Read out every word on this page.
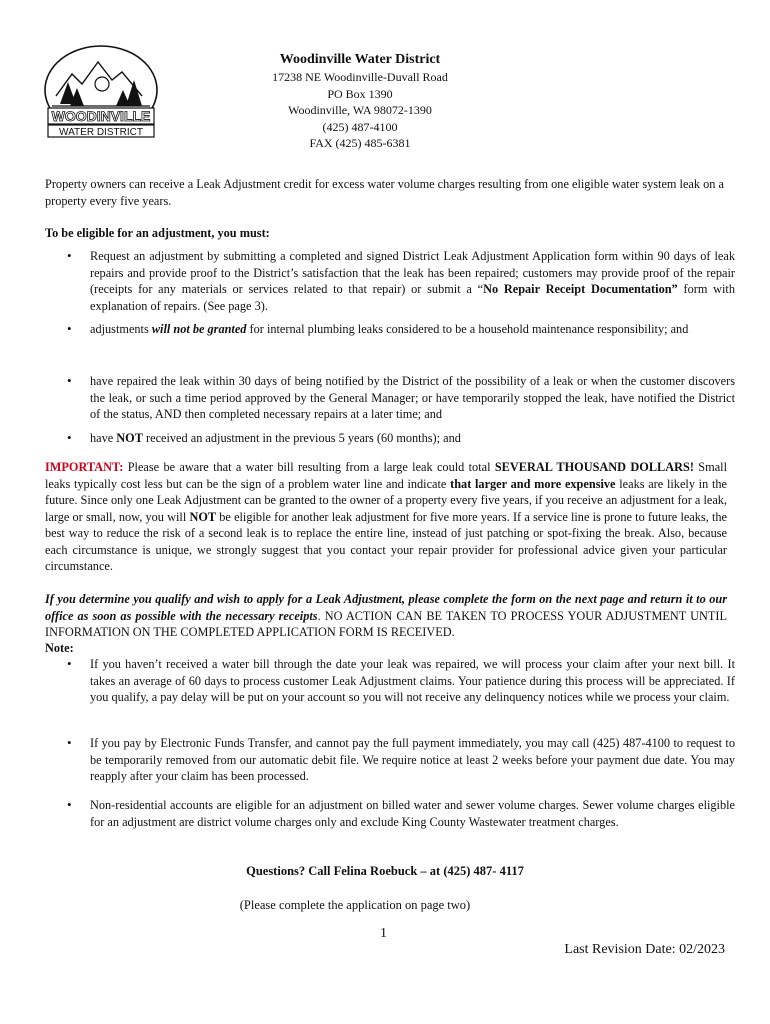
WOODINVILLE
WATER DISTRICT
Woodinville Water District
17238 NE Woodinville-Duvall Road
PO Box 1390
Woodinville, WA 98072-1390
(425) 487-4100
FAX (425) 485-6381
Property owners can receive a Leak Adjustment credit for excess water volume charges resulting from one eligible water system leak on a property every five years.
To be eligible for an adjustment, you must:
• Request an adjustment by submitting a completed and signed District Leak Adjustment Application form within 90 days of leak repairs and provide proof to the District’s satisfaction that the leak has been repaired; customers may provide proof of the repair (receipts for any materials or services related to that repair) or submit a “No Repair Receipt Documentation” form with explanation of repairs. (See page 3).
• adjustments will not be granted for internal plumbing leaks considered to be a household maintenance responsibility; and
• have repaired the leak within 30 days of being notified by the District of the possibility of a leak or when the customer discovers the leak, or such a time period approved by the General Manager; or have temporarily stopped the leak, have notified the District of the status, AND then completed necessary repairs at a later time; and
• have NOT received an adjustment in the previous 5 years (60 months); and
IMPORTANT: Please be aware that a water bill resulting from a large leak could total SEVERAL THOUSAND DOLLARS! Small leaks typically cost less but can be the sign of a problem water line and indicate that larger and more expensive leaks are likely in the future. Since only one Leak Adjustment can be granted to the owner of a property every five years, if you receive an adjustment for a leak, large or small, now, you will NOT be eligible for another leak adjustment for five more years. If a service line is prone to future leaks, the best way to reduce the risk of a second leak is to replace the entire line, instead of just patching or spot-fixing the break. Also, because each circumstance is unique, we strongly suggest that you contact your repair provider for professional advice given your particular circumstance.
If you determine you qualify and wish to apply for a Leak Adjustment, please complete the form on the next page and return it to our office as soon as possible with the necessary receipts. NO ACTION CAN BE TAKEN TO PROCESS YOUR ADJUSTMENT UNTIL INFORMATION ON THE COMPLETED APPLICATION FORM IS RECEIVED.
Note:
• If you haven’t received a water bill through the date your leak was repaired, we will process your claim after your next bill. It takes an average of 60 days to process customer Leak Adjustment claims. Your patience during this process will be appreciated. If you qualify, a pay delay will be put on your account so you will not receive any delinquency notices while we process your claim.
• If you pay by Electronic Funds Transfer, and cannot pay the full payment immediately, you may call (425) 487-4100 to request to be temporarily removed from our automatic debit file. We require notice at least 2 weeks before your payment due date. You may reapply after your claim has been processed.
• Non-residential accounts are eligible for an adjustment on billed water and sewer volume charges. Sewer volume charges eligible for an adjustment are district volume charges only and exclude King County Wastewater treatment charges.
Questions? Call Felina Roebuck – at (425) 487- 4117
(Please complete the application on page two)
1
Last Revision Date: 02/2023
